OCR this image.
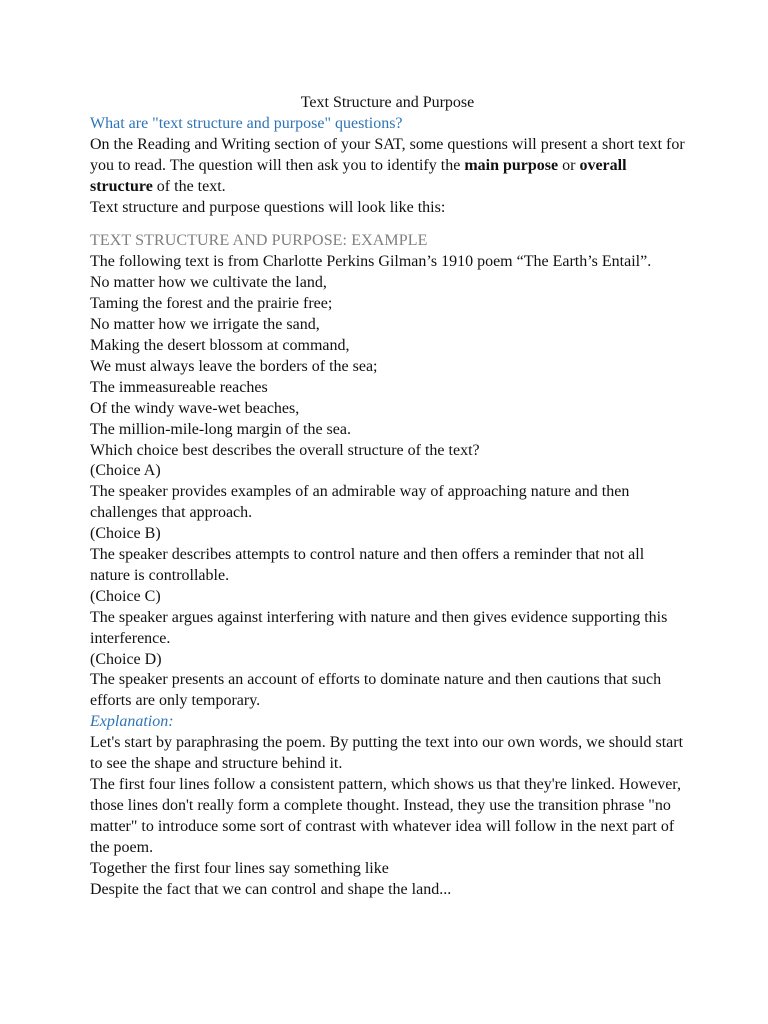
Text Structure and Purpose
What are "text structure and purpose" questions?

On the Reading and Writing section of your SAT, some questions will present a short text for you to read. The question will then ask you to identify the main purpose or overall structure of the text.

Text structure and purpose questions will look like this:

TEXT STRUCTURE AND PURPOSE: EXAMPLE

The following text is from Charlotte Perkins Gilman’s 1910 poem “The Earth’s Entail”.

No matter how we cultivate the land,
Taming the forest and the prairie free;
No matter how we irrigate the sand,
Making the desert blossom at command,
We must always leave the borders of the sea;
The immeasureable reaches
Of the windy wave-wet beaches,
The million-mile-long margin of the sea.

Which choice best describes the overall structure of the text?

(Choice A)
The speaker provides examples of an admirable way of approaching nature and then challenges that approach.
(Choice B)
The speaker describes attempts to control nature and then offers a reminder that not all nature is controllable.
(Choice C)
The speaker argues against interfering with nature and then gives evidence supporting this interference.
(Choice D)
The speaker presents an account of efforts to dominate nature and then cautions that such efforts are only temporary.
Explanation:

Let's start by paraphrasing the poem. By putting the text into our own words, we should start to see the shape and structure behind it.

The first four lines follow a consistent pattern, which shows us that they're linked. However, those lines don't really form a complete thought. Instead, they use the transition phrase "no matter" to introduce some sort of contrast with whatever idea will follow in the next part of the poem.

Together the first four lines say something like

Despite the fact that we can control and shape the land...
